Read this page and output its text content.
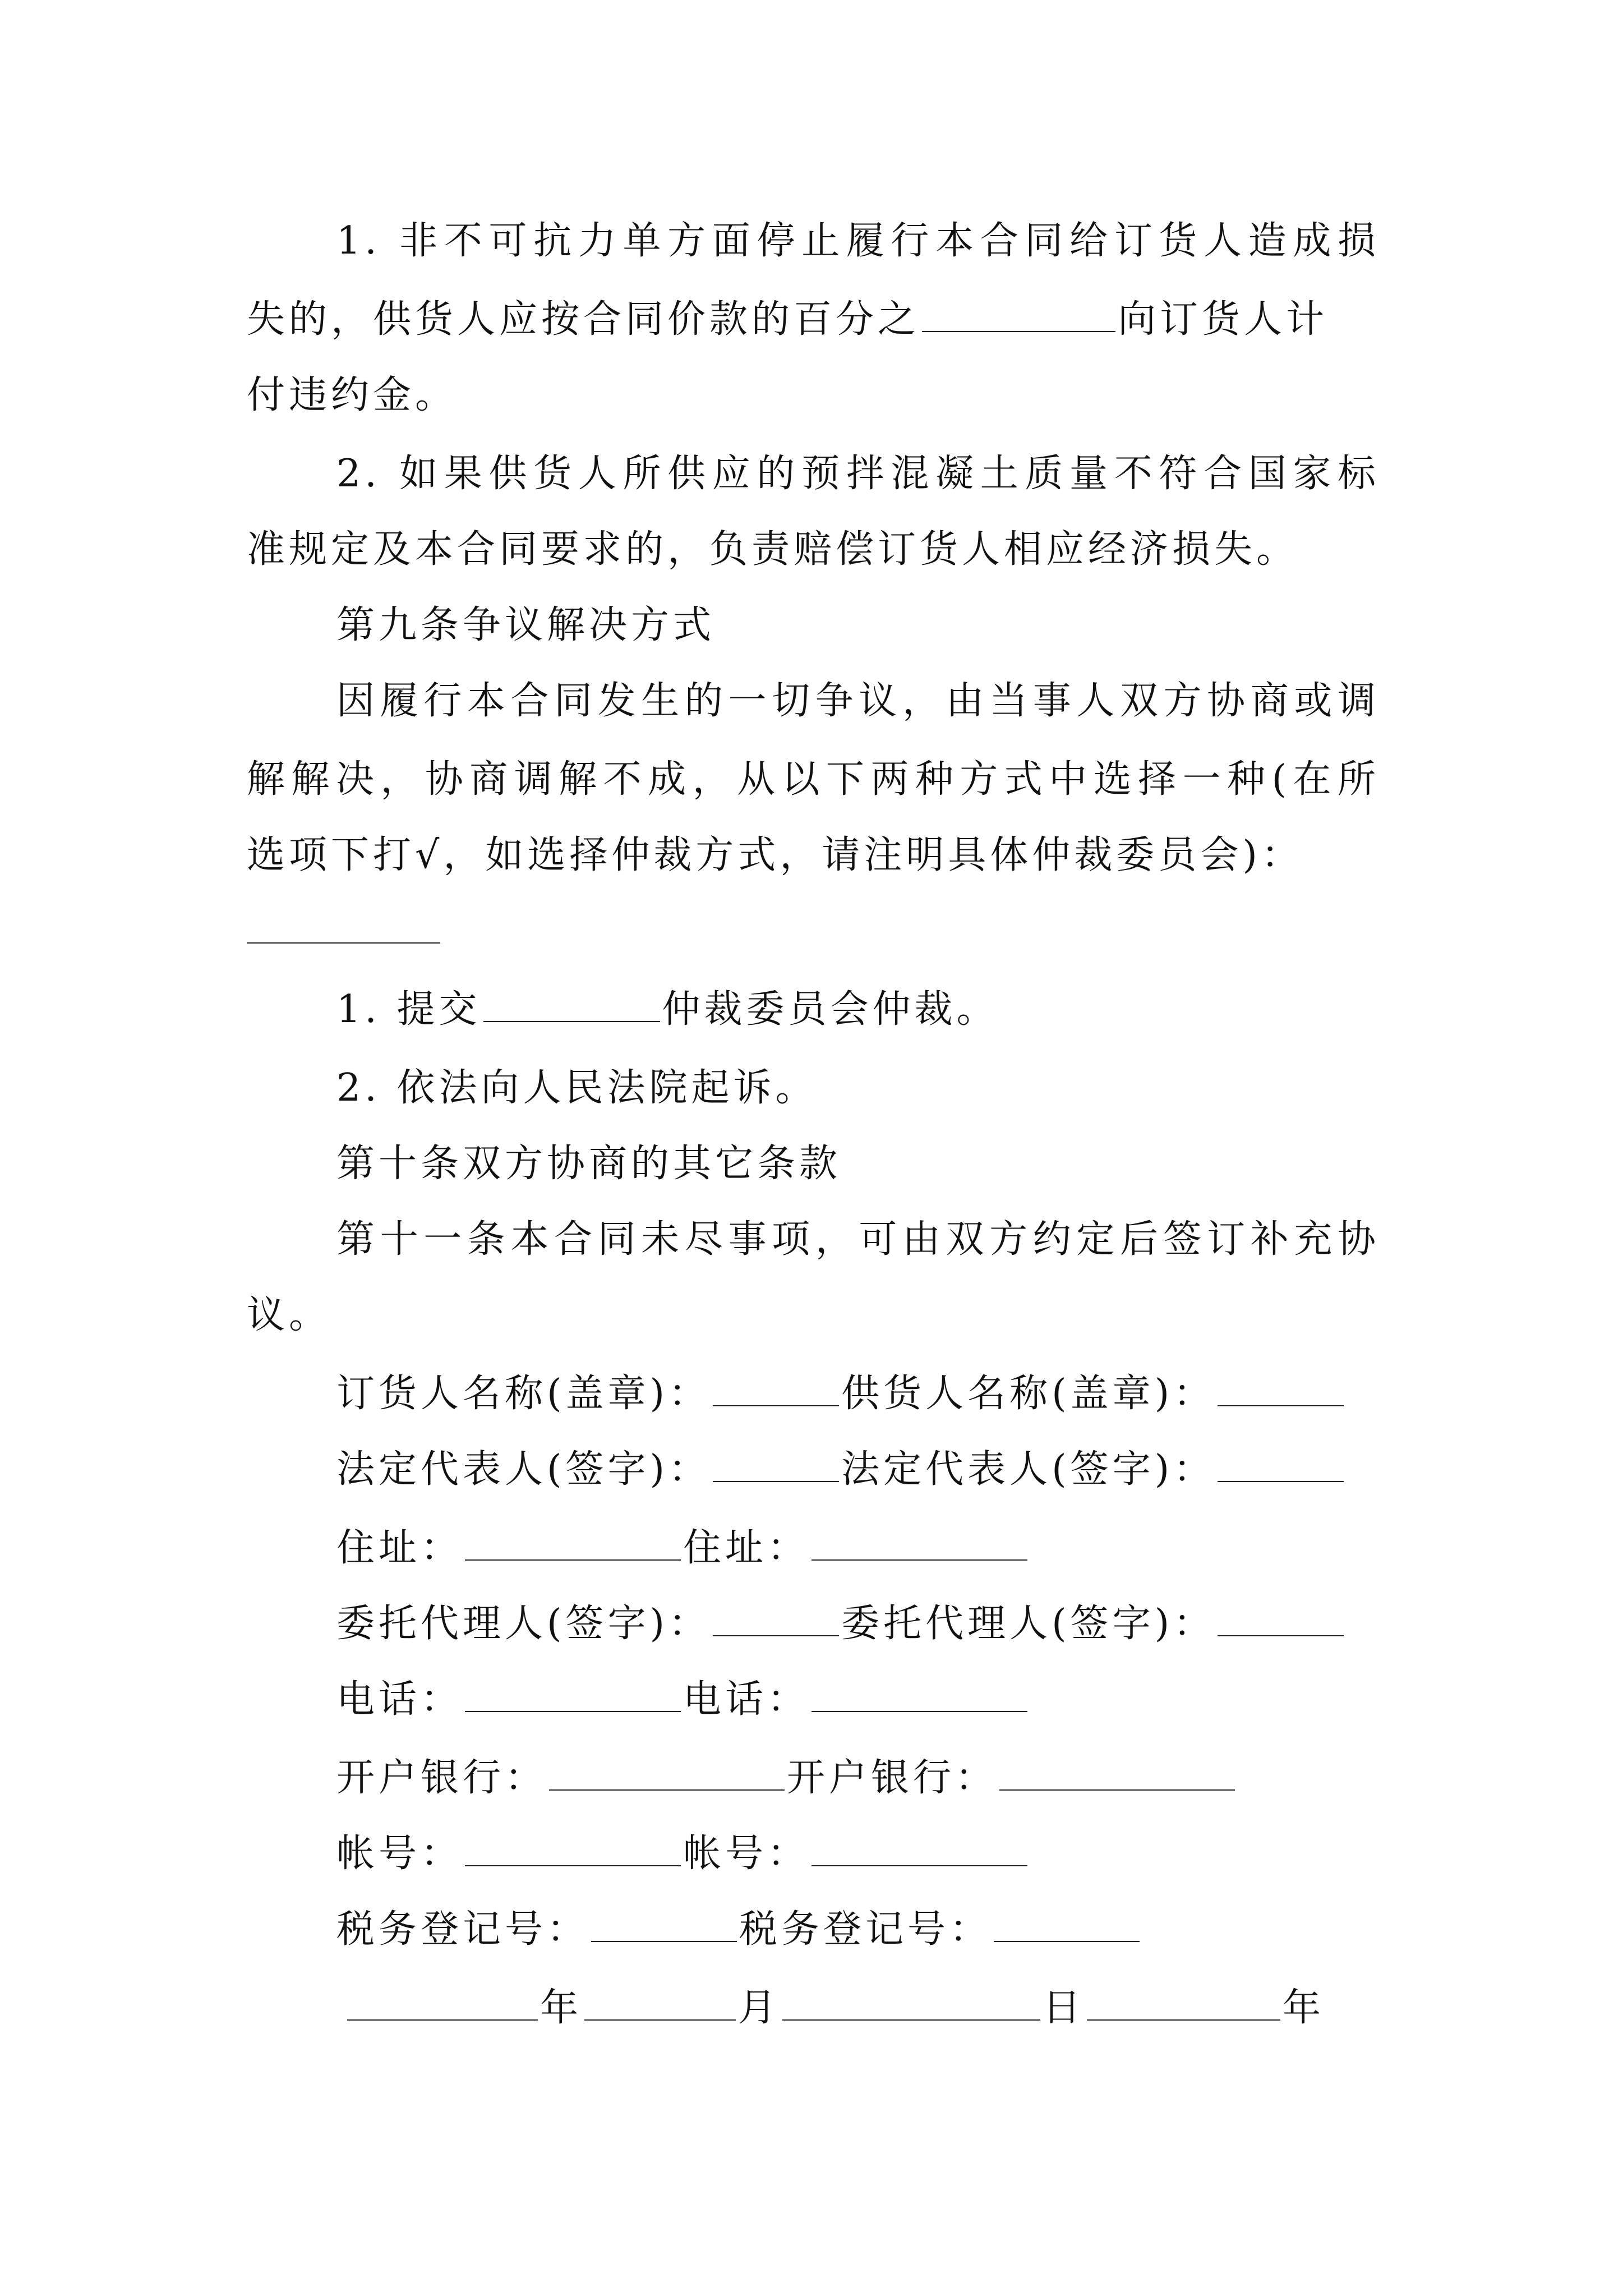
1. 非不可抗力单方面停止履行本合同给订货人造成损
失的，供货人应按合同价款的百分之	向订货人计
付违约金。
2. 如果供货人所供应的预拌混凝土质量不符合国家标
准规定及本合同要求的，负责赔偿订货人相应经济损失。
第九条争议解决方式
因履行本合同发生的一切争议，由当事人双方协商或调
解解决，协商调解不成，从以下两种方式中选择一种(在所
选项下打√，如选择仲裁方式，请注明具体仲裁委员会)：
1. 提交	仲裁委员会仲裁。
2. 依法向人民法院起诉。
第十条双方协商的其它条款
第十一条本合同未尽事项，可由双方约定后签订补充协
议。
订货人名称(盖章)：	供货人名称(盖章)：
法定代表人(签字)：	法定代表人(签字)：
住址：	住址：
委托代理人(签字)：	委托代理人(签字)：
电话：	电话：
开户银行：	开户银行：
帐号：	帐号：
税务登记号：	税务登记号：
年	月	日	年
